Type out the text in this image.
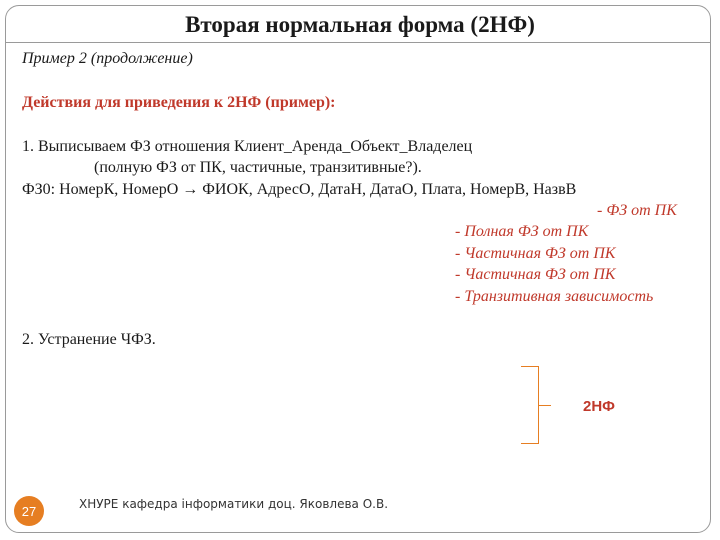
Вторая нормальная форма (2НФ)
Пример 2 (продолжение)
Действия для приведения к 2НФ (пример):
1. Выписываем ФЗ отношения Клиент_Аренда_Объект_Владелец
(полную ФЗ от ПК, частичные, транзитивные?).
ФЗ0: НомерК, НомерО → ФИОК, АдресО, ДатаН, ДатаО, Плата, НомерВ, НазвВ
- ФЗ от ПК
- Полная ФЗ от ПК
- Частичная ФЗ от ПК
- Частичная ФЗ от ПК
- Транзитивная зависимость
2. Устранение ЧФЗ.
2НФ
27	ХНУРЕ кафедра інформатики доц. Яковлева О.В.
